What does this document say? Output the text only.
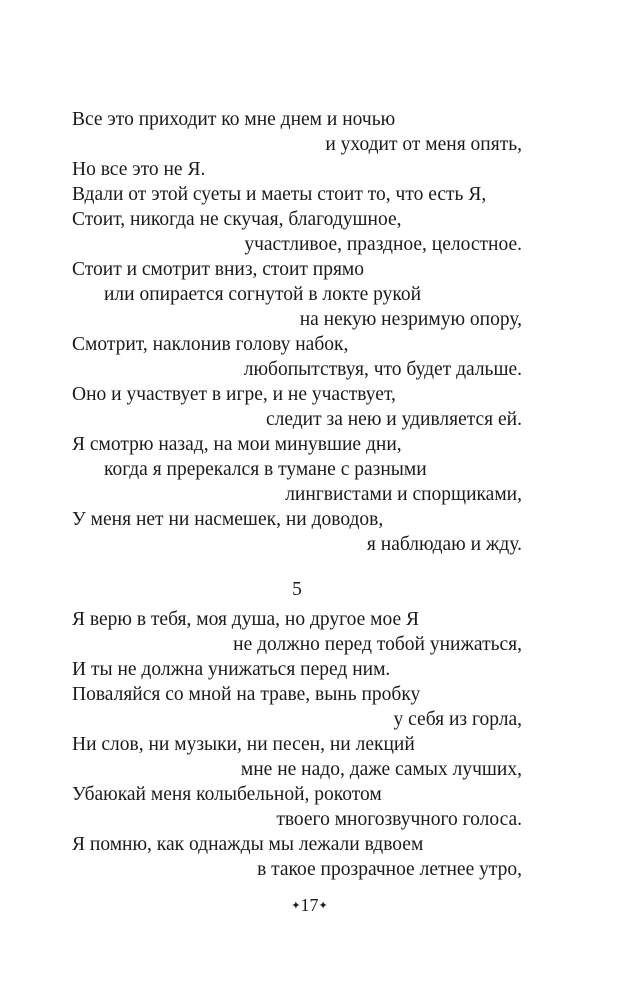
Все это приходит ко мне днем и ночью
и уходит от меня опять,
Но все это не Я.
Вдали от этой суеты и маеты стоит то, что есть Я,
Стоит, никогда не скучая, благодушное,
участливое, праздное, целостное.
Стоит и смотрит вниз, стоит прямо
или опирается согнутой в локте рукой
на некую незримую опору,
Смотрит, наклонив голову набок,
любопытствуя, что будет дальше.
Оно и участвует в игре, и не участвует,
следит за нею и удивляется ей.
Я смотрю назад, на мои минувшие дни,
когда я пререкался в тумане с разными
лингвистами и спорщиками,
У меня нет ни насмешек, ни доводов,
я наблюдаю и жду.
5
Я верю в тебя, моя душа, но другое мое Я
не должно перед тобой унижаться,
И ты не должна унижаться перед ним.
Поваляйся со мной на траве, вынь пробку
у себя из горла,
Ни слов, ни музыки, ни песен, ни лекций
мне не надо, даже самых лучших,
Убаюкай меня колыбельной, рокотом
твоего многозвучного голоса.
Я помню, как однажды мы лежали вдвоем
в такое прозрачное летнее утро,
✦17✦
